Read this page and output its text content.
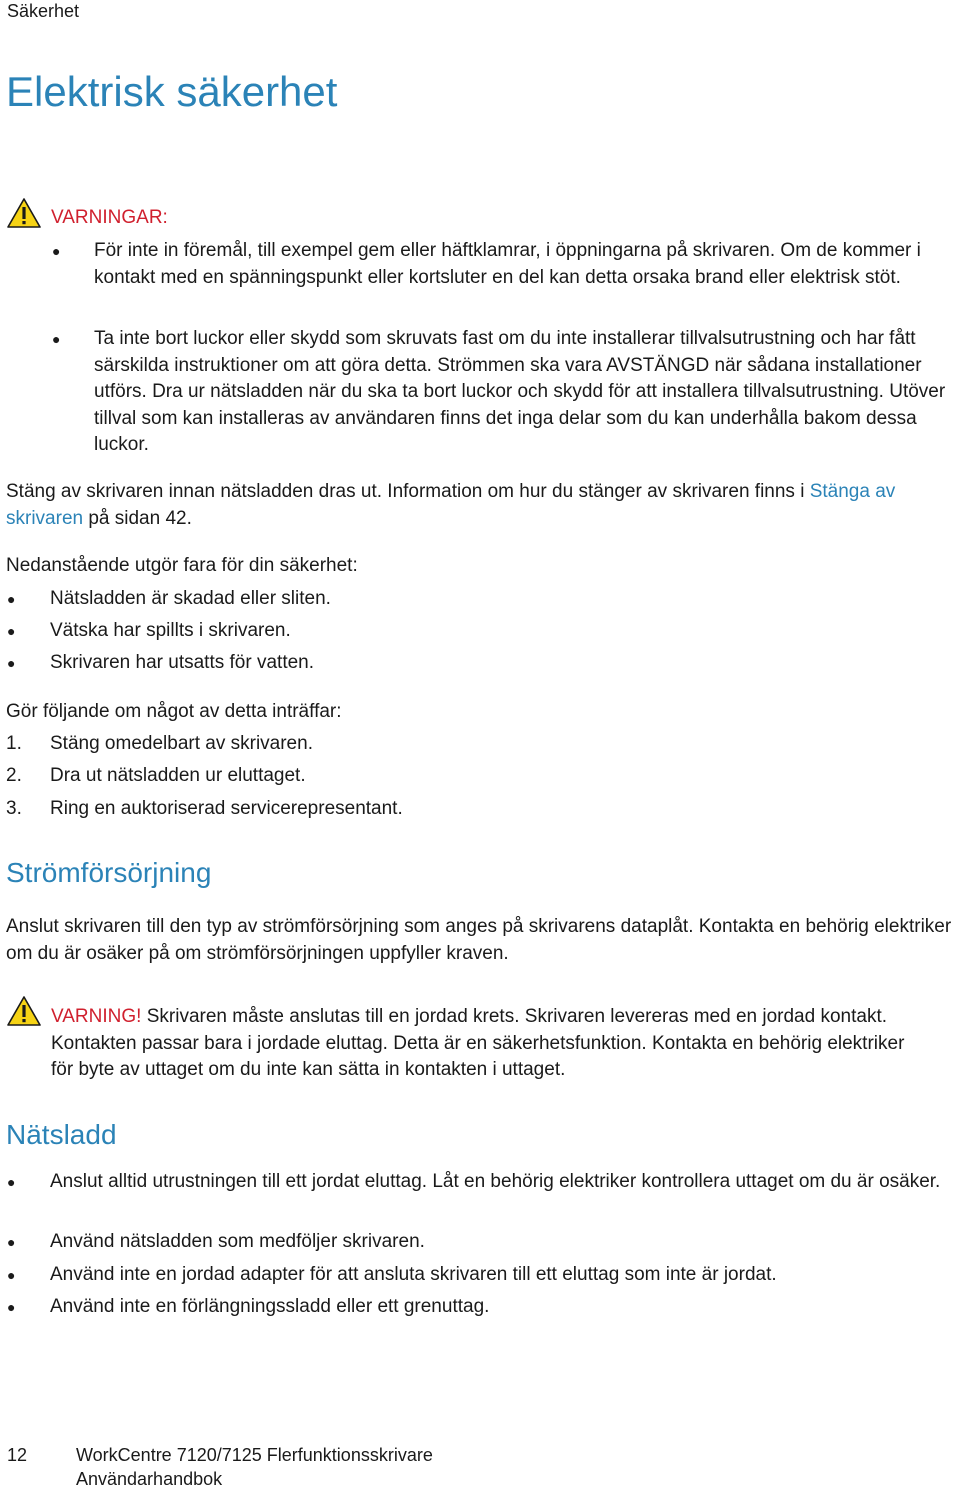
Säkerhet
Elektrisk säkerhet
VARNINGAR:
● För inte in föremål, till exempel gem eller häftklamrar, i öppningarna på skrivaren. Om de kommer i kontakt med en spänningspunkt eller kortsluter en del kan detta orsaka brand eller elektrisk stöt.
● Ta inte bort luckor eller skydd som skruvats fast om du inte installerar tillvalsutrustning och har fått särskilda instruktioner om att göra detta. Strömmen ska vara AVSTÄNGD när sådana installationer utförs. Dra ur nätsladden när du ska ta bort luckor och skydd för att installera tillvalsutrustning. Utöver tillval som kan installeras av användaren finns det inga delar som du kan underhålla bakom dessa luckor.
Stäng av skrivaren innan nätsladden dras ut. Information om hur du stänger av skrivaren finns i Stänga av skrivaren på sidan 42.
Nedanstående utgör fara för din säkerhet:
● Nätsladden är skadad eller sliten.
● Vätska har spillts i skrivaren.
● Skrivaren har utsatts för vatten.
Gör följande om något av detta inträffar:
1. Stäng omedelbart av skrivaren.
2. Dra ut nätsladden ur eluttaget.
3. Ring en auktoriserad servicerepresentant.
Strömförsörjning
Anslut skrivaren till den typ av strömförsörjning som anges på skrivarens dataplåt. Kontakta en behörig elektriker om du är osäker på om strömförsörjningen uppfyller kraven.
VARNING! Skrivaren måste anslutas till en jordad krets. Skrivaren levereras med en jordad kontakt. Kontakten passar bara i jordade eluttag. Detta är en säkerhetsfunktion. Kontakta en behörig elektriker för byte av uttaget om du inte kan sätta in kontakten i uttaget.
Nätsladd
● Anslut alltid utrustningen till ett jordat eluttag. Låt en behörig elektriker kontrollera uttaget om du är osäker.
● Använd nätsladden som medföljer skrivaren.
● Använd inte en jordad adapter för att ansluta skrivaren till ett eluttag som inte är jordat.
● Använd inte en förlängningssladd eller ett grenuttag.
12	WorkCentre 7120/7125 Flerfunktionsskrivare
Användarhandbok
